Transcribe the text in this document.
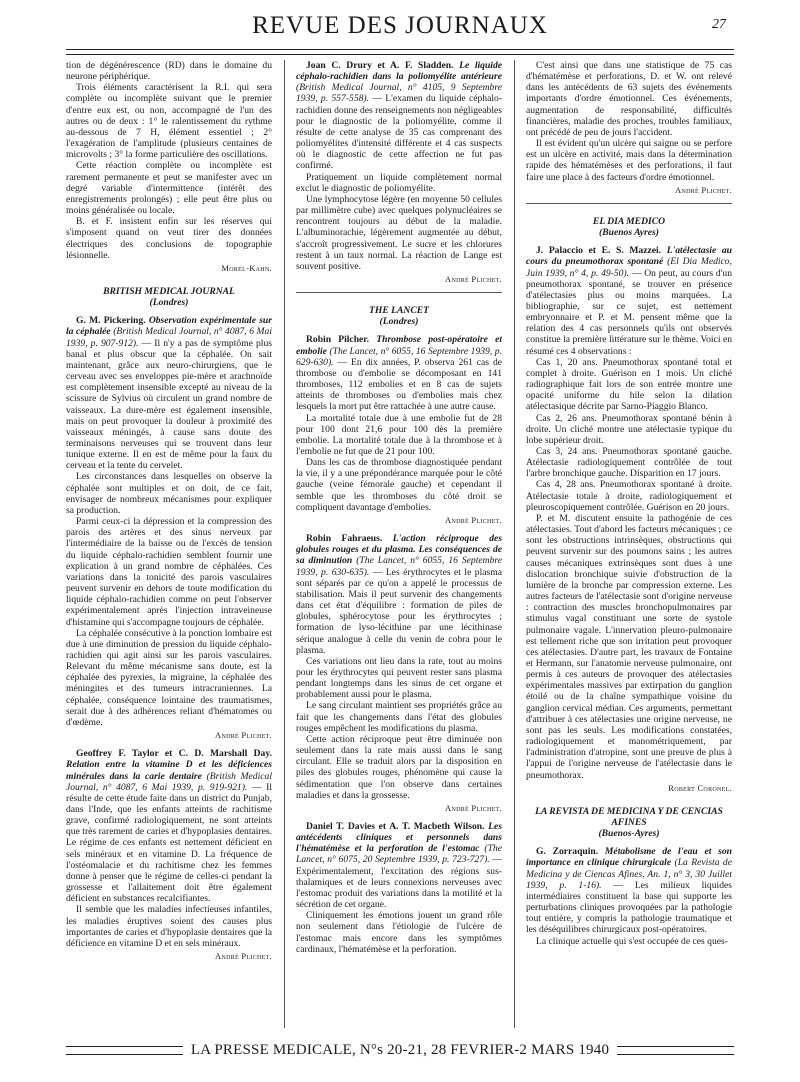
REVUE DES JOURNAUX	27

tion de dégénérescence (RD) dans le domaine du neurone périphérique.

Trois éléments caractérisent la R.I. qui sera complète ou incomplète suivant que le premier d'entre eux est, ou non, accompagné de l'un des autres ou de deux : 1° le ralentissement du rythme au-dessous de 7 H, élément essentiel ; 2° l'exagération de l'amplitude (plusieurs centaines de microvolts ; 3° la forme particulière des oscillations.

Cette réaction complète ou incomplète est rarement permanente et peut se manifester avec un degré variable d'intermittence (intérêt des enregistrements prolongés) ; elle peut être plus ou moins généralisée ou locale.

B. et F. insistent enfin sur les réserves qui s'imposent quand on veut tirer des données électriques des conclusions de topographie lésionnelle.

Morel-Kahn.

BRITISH MEDICAL JOURNAL

(Londres)

G. M. Pickering. Observation expérimentale sur la céphalée (British Medical Journal, n° 4087, 6 Mai 1939, p. 907-912). — Il n'y a pas de symptôme plus banal et plus obscur que la céphalée. On sait maintenant, grâce aux neuro-chirurgiens, que le cerveau avec ses enveloppes pie-mère et arachnoïde est complètement insensible excepté au niveau de la scissure de Sylvius où circulent un grand nombre de vaisseaux. La dure-mère est également insensible, mais on peut provoquer la douleur à proximité des vaisseaux méningés, à cause sans doute des terminaisons nerveuses qui se trouvent dans leur tunique externe. Il en est de même pour la faux du cerveau et la tente du cervelet.

Les circonstances dans lesquelles on observe la céphalée sont multiples et on doit, de ce fait, envisager de nombreux mécanismes pour expliquer sa production.

Parmi ceux-ci la dépression et la compression des parois des artères et des sinus nerveux par l'intermédiaire de la baisse ou de l'excès de tension du liquide céphalo-rachidien semblent fournir une explication à un grand nombre de céphalées. Ces variations dans la tonicité des parois vasculaires peuvent survenir en dehors de toute modification du liquide céphalo-rachidien comme on peut l'observer expérimentalement après l'injection intraveineuse d'histamine qui s'accompagne toujours de céphalée.

La céphalée consécutive à la ponction lombaire est due à une diminution de pression du liquide céphalo-rachidien qui agit ainsi sur les parois vasculaires. Relevant du même mécanisme sans doute, est la céphalée des pyrexies, la migraine, la céphalée des méningites et des tumeurs intracraniennes. La céphalée, conséquence lointaine des traumatismes, serait due à des adhérences reliant d'hématomes ou d'œdème.

André Plichet.

Geoffrey F. Taylor et C. D. Marshall Day. Relation entre la vitamine D et les déficiences minérales dans la carie dentaire (British Medical Journal, n° 4087, 6 Mai 1939, p. 919-921). — Il résulte de cette étude faite dans un district du Punjab, dans l'Inde, que les enfants atteints de rachitisme grave, confirmé radiologiquement, ne sont atteints que très rarement de caries et d'hypoplasies dentaires. Le régime de ces enfants est nettement déficient en sels minéraux et en vitamine D. La fréquence de l'ostéomalacie et du rachitisme chez les femmes donne à penser que le régime de celles-ci pendant la grossesse et l'allaitement doit être également déficient en substances recalcifiantes.

Il semble que les maladies infectieuses infantiles, les maladies éruptives soient des causes plus importantes de caries et d'hypoplasie dentaires que la déficience en vitamine D et en sels minéraux.

André Plichet.

Joan C. Drury et A. F. Sladden. Le liquide céphalo-rachidien dans la poliomyélite antérieure (British Medical Journal, n° 4105, 9 Septembre 1939, p. 557-558). — L'examen du liquide céphalo-rachidien donne des renseignements non négligeables pour le diagnostic de la poliomyélite, comme il résulte de cette analyse de 35 cas comprenant des poliomyélites d'intensité différente et 4 cas suspects où le diagnostic de cette affection ne fut pas confirmé.

Pratiquement un liquide complètement normal exclut le diagnostic de poliomyélite.

Une lymphocytose légère (en moyenne 50 cellules par millimètre cube) avec quelques polynucléaires se rencontrent toujours au début de la maladie. L'albuminorachie, légèrement augmentée au début, s'accroît progressivement. Le sucre et les chlorures restent à un taux normal. La réaction de Lange est souvent positive.

André Plichet.

THE LANCET

(Londres)

Robin Pilcher. Thrombose post-opératoire et embolie (The Lancet, n° 6055, 16 Septembre 1939, p. 629-630). — En dix années, P. observa 261 cas de thrombose ou d'embolie se décomposant en 141 thromboses, 112 embolies et en 8 cas de sujets atteints de thromboses ou d'embolies mais chez lesquels la mort put être rattachée à une autre cause.

La mortalité totale due à une embolie fut de 28 pour 100 dont 21,6 pour 100 dès la première embolie. La mortalité totale due à la thrombose et à l'embolie ne fut que de 21 pour 100.

Dans les cas de thrombose diagnostiquée pendant la vie, il y a une prépondérance marquée pour le côté gauche (veine fémorale gauche) et cependant il semble que les thromboses du côté droit se compliquent davantage d'embolies.

André Plichet.

Robin Fahraeus. L'action réciproque des globules rouges et du plasma. Les conséquences de sa diminution (The Lancet, n° 6055, 16 Septembre 1939, p. 630-635). — Les érythrocytes et le plasma sont séparés par ce qu'on a appelé le processus de stabilisation. Mais il peut survenir des changements dans cet état d'équilibre : formation de piles de globules, sphérocytose pour les érythrocytes ; formation de lyso-lécithine par une lécithinase sérique analogue à celle du venin de cobra pour le plasma.

Ces variations ont lieu dans la rate, tout au moins pour les érythrocytes qui peuvent rester sans plasma pendant longtemps dans les sinus de cet organe et probablement aussi pour le plasma.

Le sang circulant maintient ses propriétés grâce au fait que les changements dans l'état des globules rouges empêchent les modifications du plasma.

Cette action réciproque peut être diminuée non seulement dans la rate mais aussi dans le sang circulant. Elle se traduit alors par la disposition en piles des globules rouges, phénomène qui cause la sédimentation que l'on observe dans certaines maladies et dans la grossesse.

André Plichet.

Daniel T. Davies et A. T. Macbeth Wilson. Les antécédents cliniques et personnels dans l'hématémèse et la perforation de l'estomac (The Lancet, n° 6075, 20 Septembre 1939, p. 723-727). — Expérimentalement, l'excitation des régions sus-thalamiques et de leurs connexions nerveuses avec l'estomac produit des variations dans la motilité et la sécrétion de cet organe.

Cliniquement les émotions jouent un grand rôle non seulement dans l'étiologie de l'ulcère de l'estomac mais encore dans les symptômes cardinaux, l'hématémèse et la perforation.

C'est ainsi que dans une statistique de 75 cas d'hématémèse et perforations, D. et W. ont relevé dans les antécédents de 63 sujets des événements importants d'ordre émotionnel. Ces événements, augmentation de responsabilité, difficultés financières, maladie des proches, troubles familiaux, ont précédé de peu de jours l'accident.

Il est évident qu'un ulcère qui saigne ou se perfore est un ulcère en activité, mais dans la détermination rapide des hématémèses et des perforations, il faut faire une place à des facteurs d'ordre émotionnel.

André Plichet.

EL DIA MEDICO

(Buenos Ayres)

J. Palaccio et E. S. Mazzei. L'atélectasie au cours du pneumothorax spontané (El Dia Medico, Juin 1939, n° 4, p. 49-50). — On peut, au cours d'un pneumothorax spontané, se trouver en présence d'atélectasies plus ou moins marquées. La bibliographie, sur ce sujet, est nettement embryonnaire et P. et M. pensent même que la relation des 4 cas personnels qu'ils ont observés constitue la première littérature sur le thème. Voici en résumé ces 4 observations :

Cas 1, 20 ans. Pneumothorax spontané total et complet à droite. Guérison en 1 mois. Un cliché radiographique fait lors de son entrée montre une opacité uniforme du hile selon la dilation atélectasique décrite par Sarno-Piaggio Blanco.

Cas 2, 26 ans. Pneumothorax spontané bénin à droite. Un cliché montre une atélectasie typique du lobe supérieur droit.

Cas 3, 24 ans. Pneumothorax spontané gauche. Atélectasie radiologiquement contrôlée de tout l'arbre bronchique gauche. Disparition en 17 jours.

Cas 4, 28 ans. Pneumothorax spontané à droite. Atélectasie totale à droite, radiologiquement et pleuroscopiquement contrôlée. Guérison en 20 jours.

P. et M. discutent ensuite la pathogénie de ces atélectasies. Tout d'abord les facteurs mécaniques ; ce sont les obstructions intrinsèques, obstructions qui peuvent survenir sur des poumons sains ; les autres causes mécaniques extrinsèques sont dues à une dislocation bronchique suivie d'obstruction de la lumière de la bronche par compression externe. Les autres facteurs de l'atélectasie sont d'origine nerveuse : contraction des muscles bronchopulmonaires par stimulus vagal constituant une sorte de systole pulmonaire vagale. L'innervation pleuro-pulmonaire est tellement riche que son irritation peut provoquer ces atélectasies. D'autre part, les travaux de Fontaine et Hermann, sur l'anatomie nerveuse pulmonaire, ont permis à ces auteurs de provoquer des atélectasies expérimentales massives par extirpation du ganglion étoilé ou de la chaîne sympathique voisine du ganglion cervical médian. Ces arguments, permettant d'attribuer à ces atélectasies une origine nerveuse, ne sont pas les seuls. Les modifications constatées, radiologiquement et manométriquement, par l'administration d'atropine, sont une preuve de plus à l'appui de l'origine nerveuse de l'atélectasie dans le pneumothorax.

Robert Coronel.

LA REVISTA DE MEDICINA Y DE CENCIAS AFINES

(Buenos-Ayres)

G. Zorraquin. Métabolisme de l'eau et son importance en clinique chirurgicale (La Revista de Medicina y de Ciencas Afines, An. 1, n° 3, 30 Juillet 1939, p. 1-16). — Les milieux liquides intermédiaires constituent la base qui supporte les perturbations cliniques provoquées par la pathologie tout entière, y compris la pathologie traumatique et les déséquilibres chirurgicaux post-opératoires.

La clinique actuelle qui s'est occupée de ces ques-

LA PRESSE MEDICALE, N°s 20-21, 28 FEVRIER-2 MARS 1940
